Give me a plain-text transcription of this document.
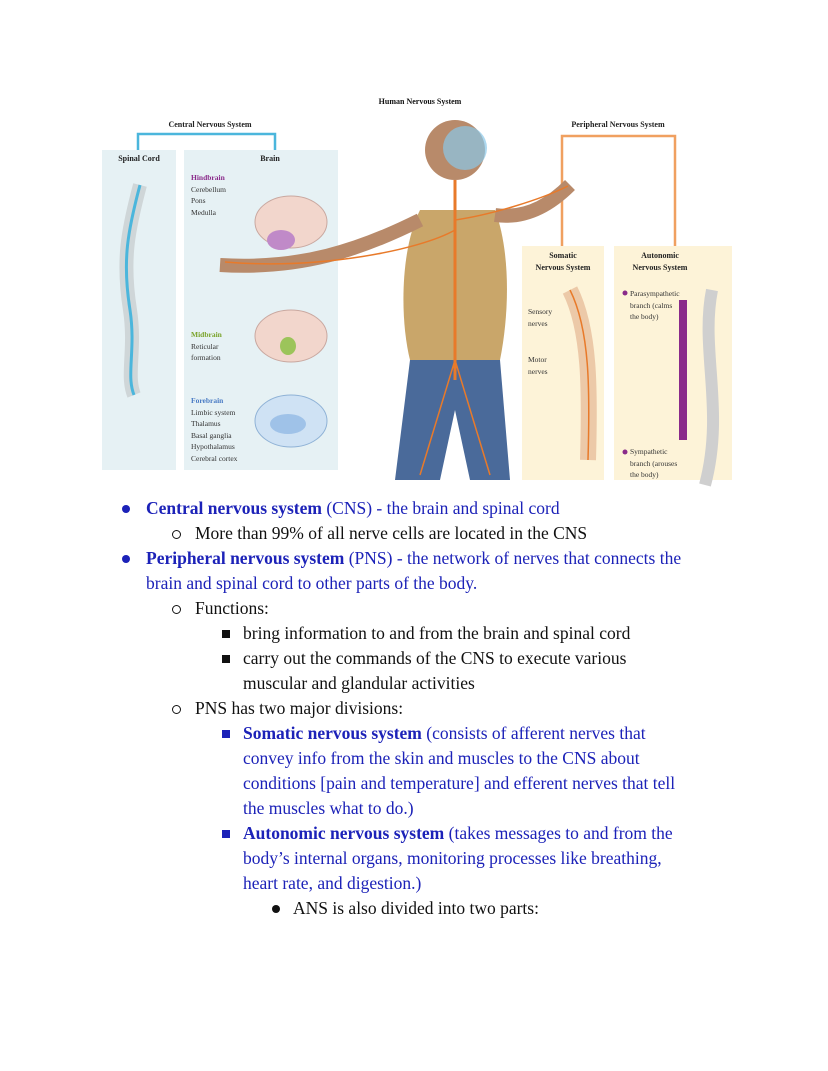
Human Nervous System
Central Nervous System	Peripheral Nervous System
Spinal Cord	Brain
Hindbrain
Cerebellum
Pons
Medulla
Midbrain
Reticular
formation
Forebrain
Limbic system
Thalamus
Basal ganglia
Hypothalamus
Cerebral cortex
Somatic
Nervous System
Autonomic
Nervous System
Sensory
nerves
Motor
nerves
Parasympathetic
branch (calms
the body)
Sympathetic
branch (arouses
the body)
Central nervous system (CNS) - the brain and spinal cord
More than 99% of all nerve cells are located in the CNS
Peripheral nervous system (PNS) - the network of nerves that connects the
brain and spinal cord to other parts of the body.
Functions:
bring information to and from the brain and spinal cord
carry out the commands of the CNS to execute various
muscular and glandular activities
PNS has two major divisions:
Somatic nervous system (consists of afferent nerves that
convey info from the skin and muscles to the CNS about
conditions [pain and temperature] and efferent nerves that tell
the muscles what to do.)
Autonomic nervous system (takes messages to and from the
body’s internal organs, monitoring processes like breathing,
heart rate, and digestion.)
ANS is also divided into two parts:
